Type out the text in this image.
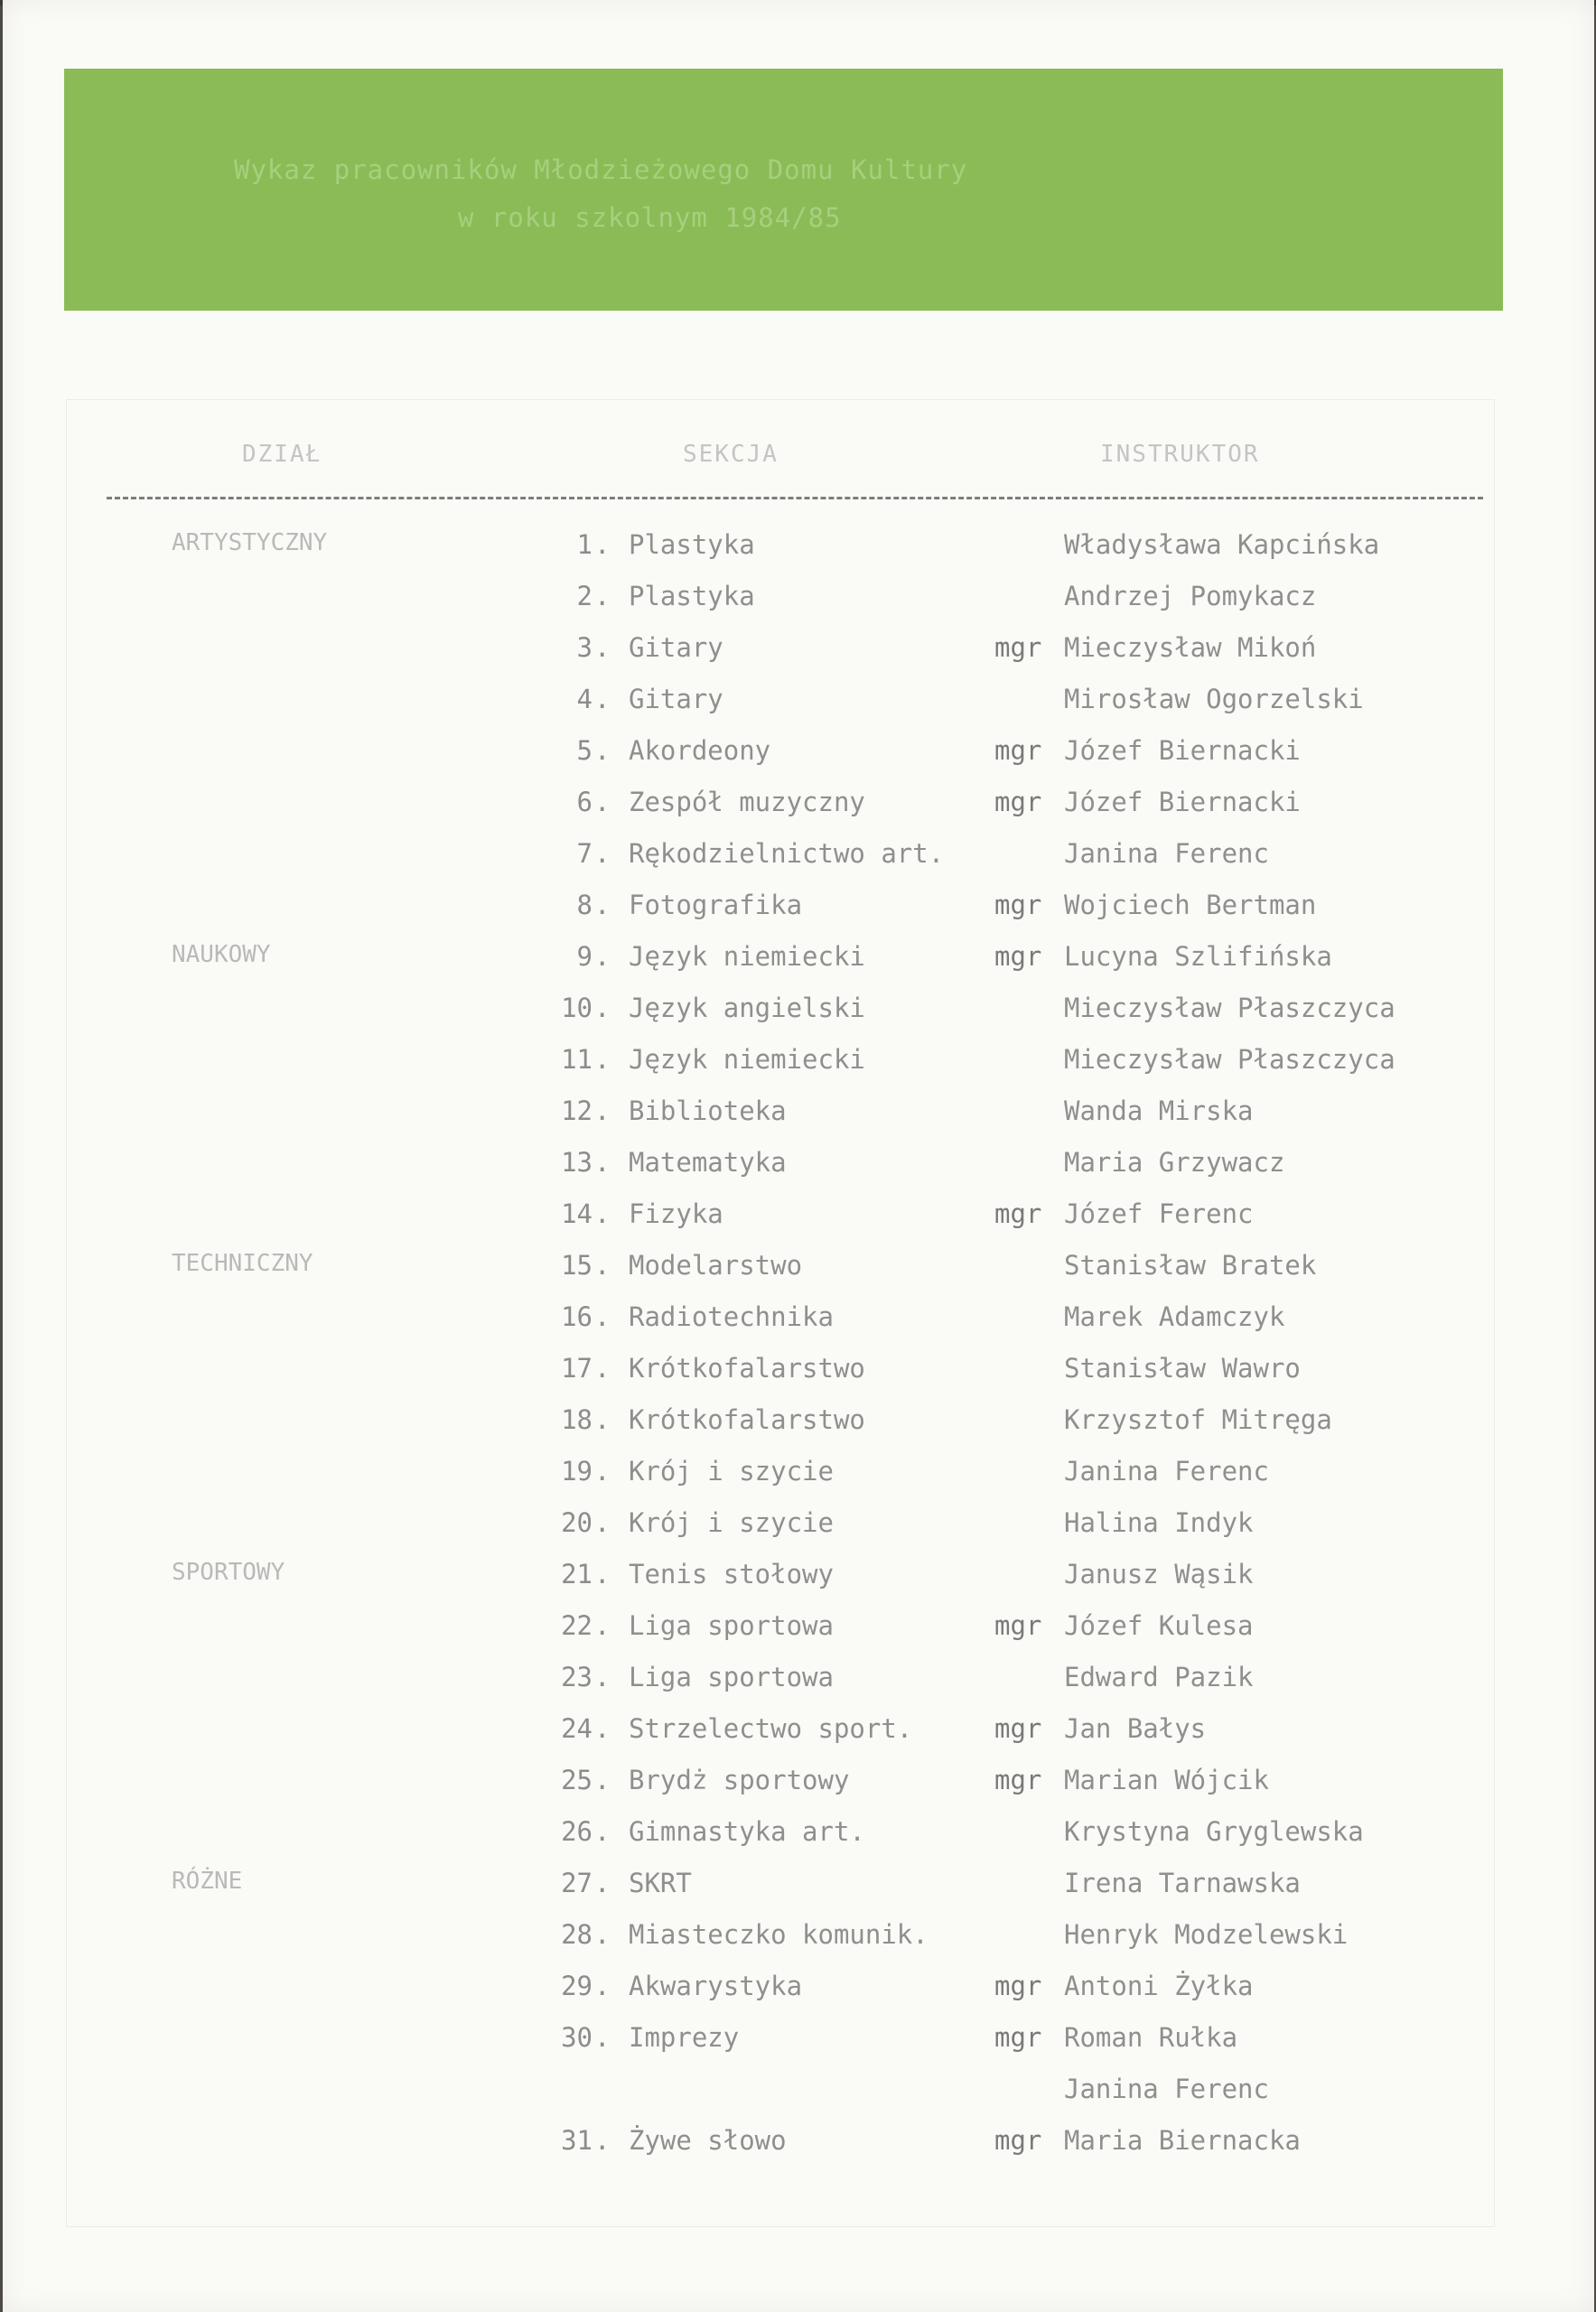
Wykaz pracowników Młodzieżowego Domu Kultury
w roku szkolnym 1984/85
DZIAŁ	SEKCJA	INSTRUKTOR
ARTYSTYCZNY	1 Plastyka	Władysława Kapcińska
.
2 Plastyka	Andrzej Pomykacz
.
3 Gitary	mgr Mieczysław Mikoń
.
4 Gitary	Mirosław Ogorzelski
.
5 Akordeony	mgr Józef Biernacki
.
6 Zespół muzyczny	mgr Józef Biernacki
.
7 Rękodzielnictwo art.	Janina Ferenc
.
8 Fotografika	mgr Wojciech Bertman
.
NAUKOWY	9 Język niemiecki	mgr Lucyna Szlifińska
.
10 Język angielski	Mieczysław Płaszczyca
.
11 Język niemiecki	Mieczysław Płaszczyca
.
12 Biblioteka	Wanda Mirska
.
13 Matematyka	Maria Grzywacz
.
14 Fizyka	mgr Józef Ferenc
.
TECHNICZNY	15 Modelarstwo	Stanisław Bratek
.
16 Radiotechnika	Marek Adamczyk
.
17 Krótkofalarstwo	Stanisław Wawro
.
18 Krótkofalarstwo	Krzysztof Mitręga
.
19 Krój i szycie	Janina Ferenc
.
20 Krój i szycie	Halina Indyk
.
SPORTOWY	21 Tenis stołowy	Janusz Wąsik
.
22 Liga sportowa	mgr Józef Kulesa
.
23 Liga sportowa	Edward Pazik
.
24 Strzelectwo sport.	mgr Jan Bałys
.
25 Brydż sportowy	mgr Marian Wójcik
.
26 Gimnastyka art.	Krystyna Gryglewska
.
RÓŻNE	27 SKRT	Irena Tarnawska
.
28 Miasteczko komunik.	Henryk Modzelewski
.
29 Akwarystyka	mgr Antoni Żyłka
.
30 Imprezy	mgr Roman Rułka
.
Janina Ferenc
31 Żywe słowo	mgr Maria Biernacka
.
